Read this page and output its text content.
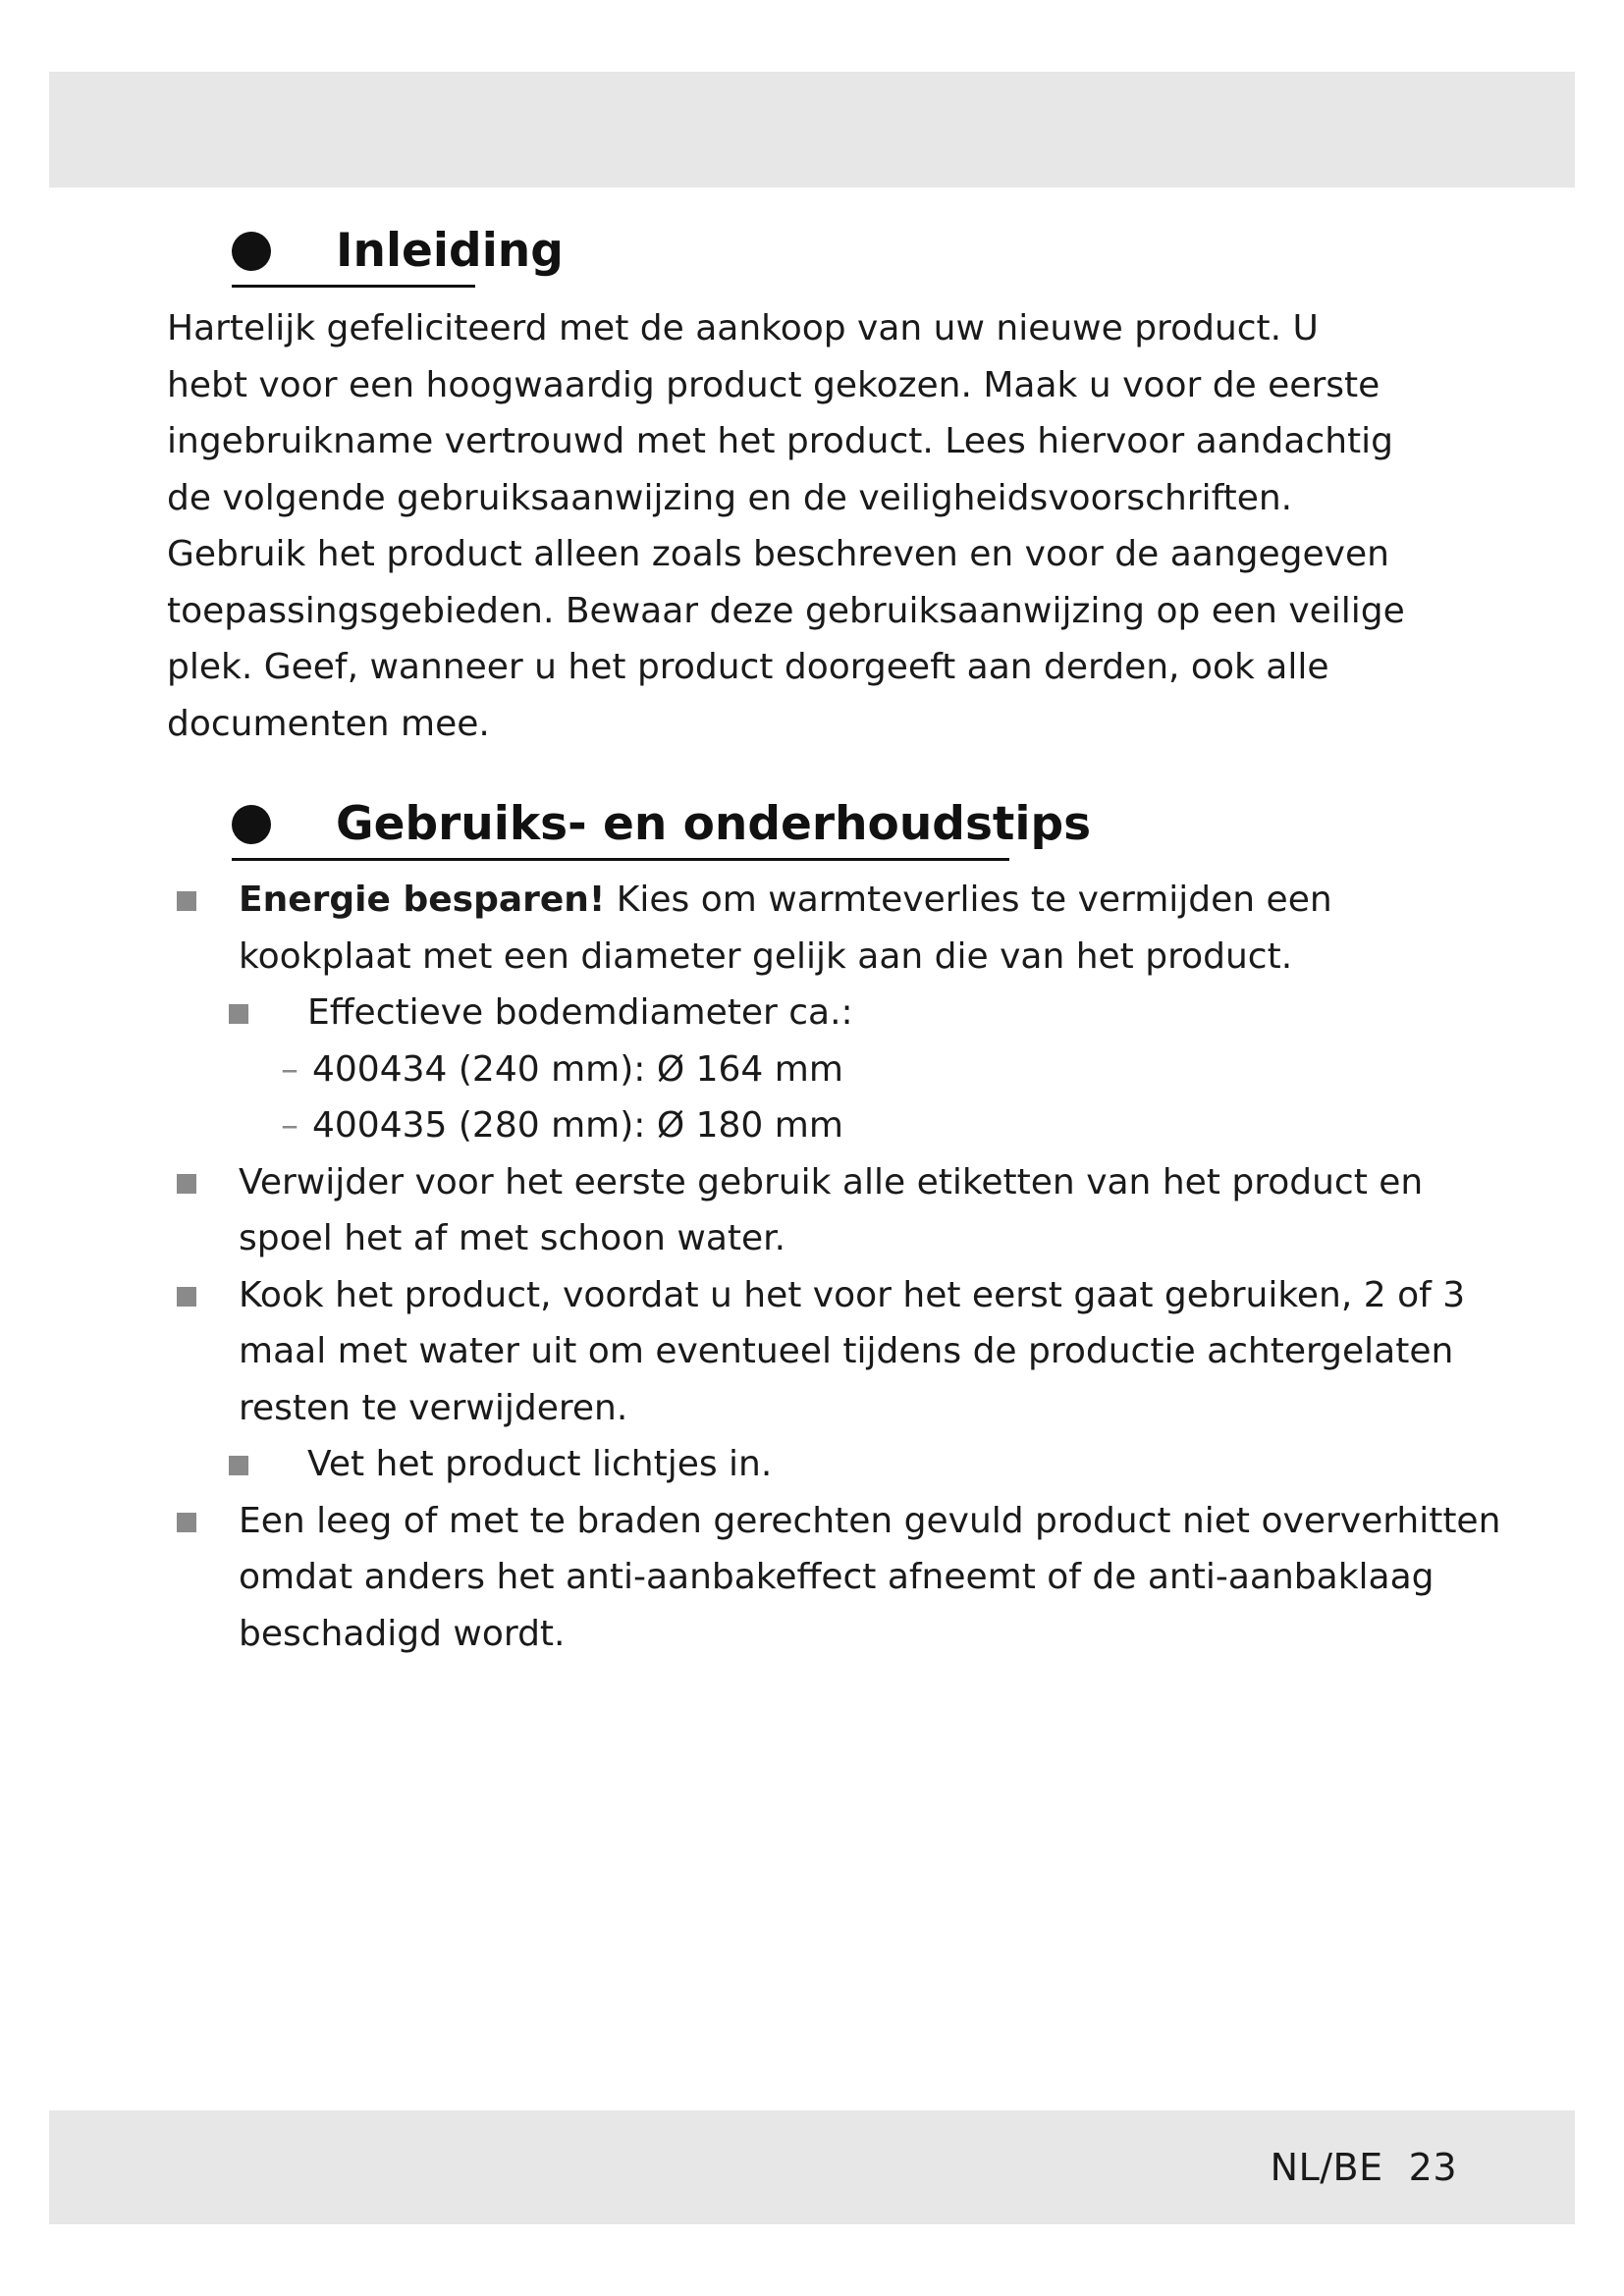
Inleiding

Hartelijk gefeliciteerd met de aankoop van uw nieuwe product. U
hebt voor een hoogwaardig product gekozen. Maak u voor de eerste
ingebruikname vertrouwd met het product. Lees hiervoor aandachtig
de volgende gebruiksaanwijzing en de veiligheidsvoorschriften.
Gebruik het product alleen zoals beschreven en voor de aangegeven
toepassingsgebieden. Bewaar deze gebruiksaanwijzing op een veilige
plek. Geef, wanneer u het product doorgeeft aan derden, ook alle
documenten mee.

Gebruiks- en onderhoudstips
Energie besparen! Kies om warmteverlies te vermijden een
kookplaat met een diameter gelijk aan die van het product.
Effectieve bodemdiameter ca.:
– 400434 (240 mm): Ø 164 mm
– 400435 (280 mm): Ø 180 mm
Verwijder voor het eerste gebruik alle etiketten van het product en
spoel het af met schoon water.
Kook het product, voordat u het voor het eerst gaat gebruiken, 2 of 3
maal met water uit om eventueel tijdens de productie achtergelaten
resten te verwijderen.
Vet het product lichtjes in.
Een leeg of met te braden gerechten gevuld product niet oververhitten
omdat anders het anti-aanbakeffect afneemt of de anti-aanbaklaag
beschadigd wordt.
NL/BE 23
